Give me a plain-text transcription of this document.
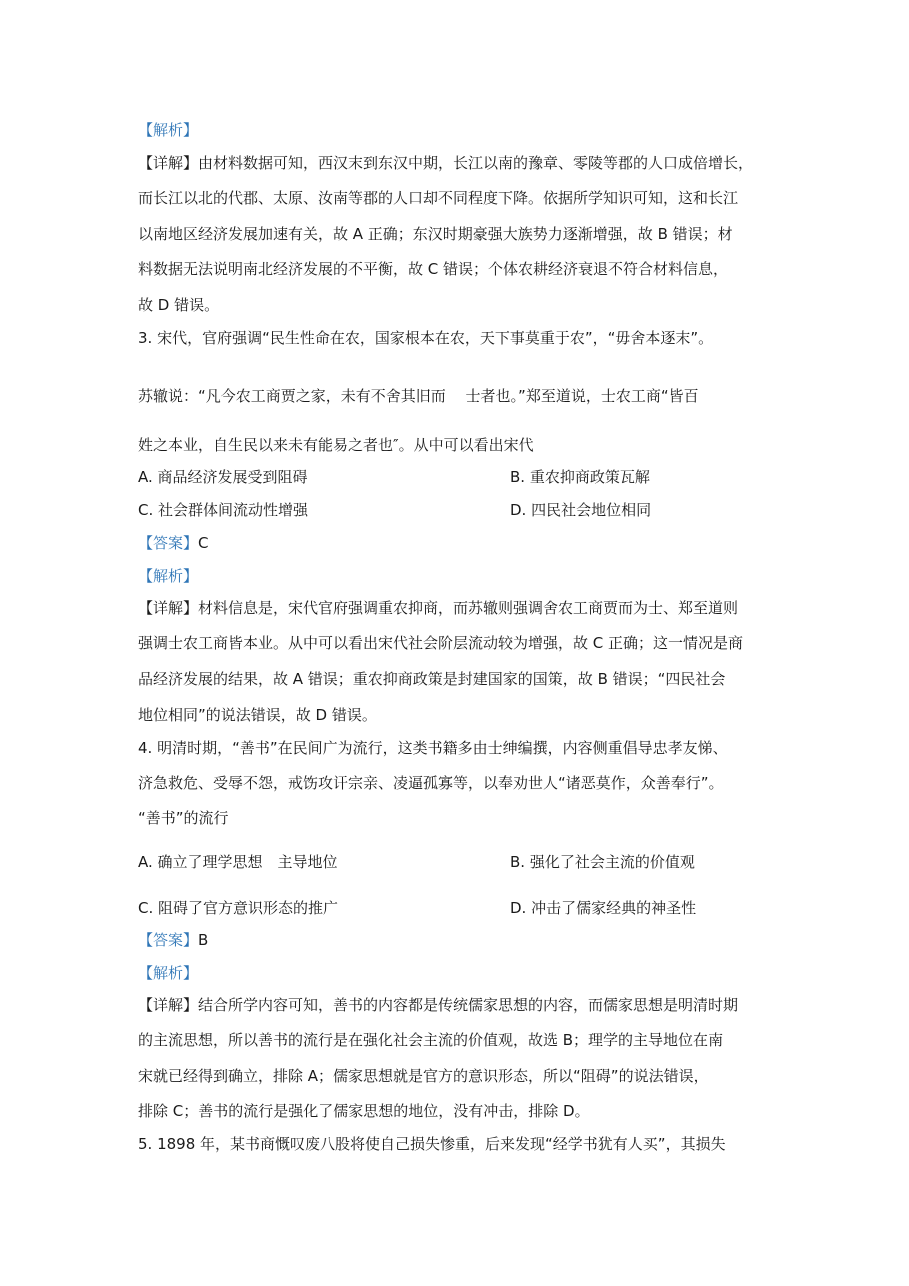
【解析】
【详解】由材料数据可知，西汉末到东汉中期，长江以南的豫章、零陵等郡的人口成倍增长，
而长江以北的代郡、太原、汝南等郡的人口却不同程度下降。依据所学知识可知，这和长江
以南地区经济发展加速有关，故 A 正确；东汉时期豪强大族势力逐渐增强，故 B 错误；材
料数据无法说明南北经济发展的不平衡，故 C 错误；个体农耕经济衰退不符合材料信息，
故 D 错误。
3. 宋代，官府强调“民生性命在农，国家根本在农，天下事莫重于农”，“毋舍本逐末”。
苏辙说：“凡今农工商贾之家，未有不舍其旧而 　士者也。”郑至道说，士农工商“皆百
姓之本业，自生民以来未有能易之者也″。从中可以看出宋代
A. 商品经济发展受到阻碍	B. 重农抑商政策瓦解
C. 社会群体间流动性增强	D. 四民社会地位相同
【答案】C
【解析】
【详解】材料信息是，宋代官府强调重农抑商，而苏辙则强调舍农工商贾而为士、郑至道则
强调士农工商皆本业。从中可以看出宋代社会阶层流动较为增强，故 C 正确；这一情况是商
品经济发展的结果，故 A 错误；重农抑商政策是封建国家的国策，故 B 错误；“四民社会
地位相同”的说法错误，故 D 错误。
4. 明清时期，“善书”在民间广为流行，这类书籍多由士绅编撰，内容侧重倡导忠孝友悌、
济急救危、受辱不怨，戒饬攻讦宗亲、凌逼孤寡等，以奉劝世人“诸恶莫作，众善奉行”。
“善书”的流行
A. 确立了理学思想　主导地位	B. 强化了社会主流的价值观
C. 阻碍了官方意识形态的推广	D. 冲击了儒家经典的神圣性
【答案】B
【解析】
【详解】结合所学内容可知，善书的内容都是传统儒家思想的内容，而儒家思想是明清时期
的主流思想，所以善书的流行是在强化社会主流的价值观，故选 B；理学的主导地位在南
宋就已经得到确立，排除 A；儒家思想就是官方的意识形态，所以“阻碍”的说法错误，
排除 C；善书的流行是强化了儒家思想的地位，没有冲击，排除 D。
5. 1898 年，某书商慨叹废八股将使自己损失惨重，后来发现“经学书犹有人买”，其损失
